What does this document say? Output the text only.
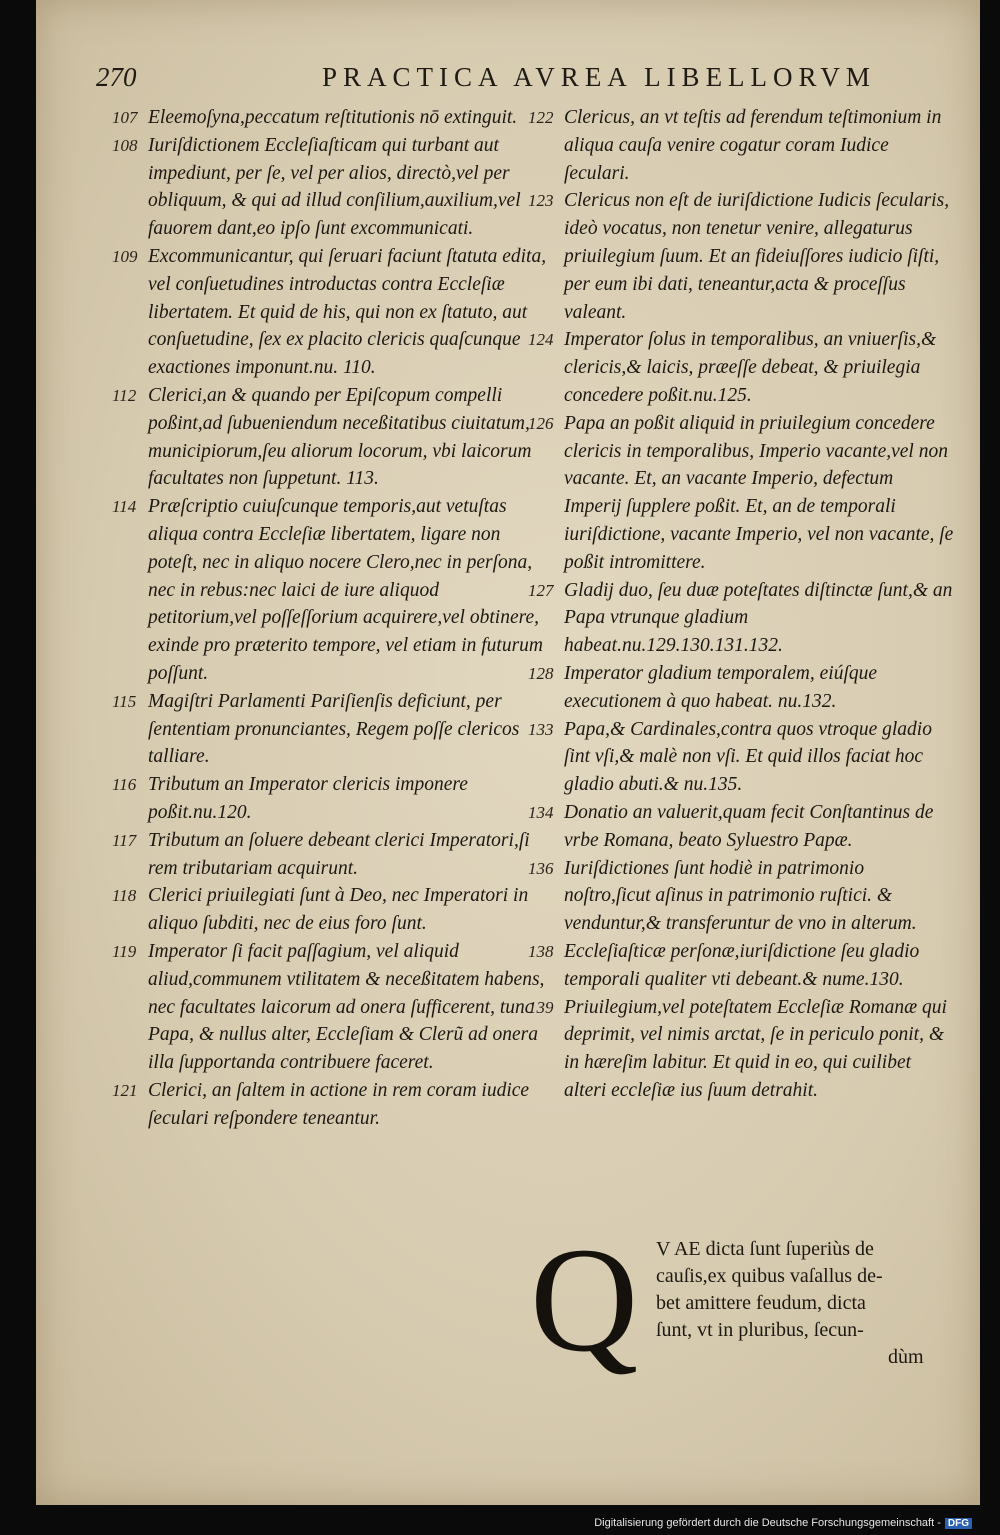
270	PRACTICA AVREA LIBELLORVM
107 Eleemoſyna,peccatum reſtitutionis nō extinguit.
108 Iuriſdictionem Eccleſiaſticam qui turbant aut impediunt, per ſe, vel per alios, directò,vel per obliquum, & qui ad illud conſilium,auxilium,vel fauorem dant,eo ipſo ſunt excommunicati.
109 Excommunicantur, qui ſeruari faciunt ſtatuta edita, vel conſuetudines introductas contra Eccleſiæ libertatem. Et quid de his, qui non ex ſtatuto, aut conſuetudine, ſex ex placito clericis quaſcunque exactiones imponunt.nu. 110.
112 Clerici,an & quando per Epiſcopum compelli poßint,ad ſubueniendum neceßitatibus ciuitatum, municipiorum,ſeu aliorum locorum, vbi laicorum facultates non ſuppetunt. 113.
114 Præſcriptio cuiuſcunque temporis,aut vetuſtas aliqua contra Eccleſiæ libertatem, ligare non poteſt, nec in aliquo nocere Clero,nec in perſona, nec in rebus:nec laici de iure aliquod petitorium,vel poſſeſſorium acquirere,vel obtinere, exinde pro præterito tempore, vel etiam in futurum poſſunt.
115 Magiſtri Parlamenti Pariſienſis deficiunt, per ſententiam pronunciantes, Regem poſſe clericos talliare.
116 Tributum an Imperator clericis imponere poßit.nu.120.
117 Tributum an ſoluere debeant clerici Imperatori,ſi rem tributariam acquirunt.
118 Clerici priuilegiati ſunt à Deo, nec Imperatori in aliquo ſubditi, nec de eius foro ſunt.
119 Imperator ſi facit paſſagium, vel aliquid aliud,communem vtilitatem & neceßitatem habens, nec facultates laicorum ad onera ſufficerent, tunc Papa, & nullus alter, Eccleſiam & Clerũ ad onera illa ſupportanda contribuere faceret.
121 Clerici, an ſaltem in actione in rem coram iudice ſeculari reſpondere teneantur.
122 Clericus, an vt teſtis ad ferendum teſtimonium in aliqua cauſa venire cogatur coram Iudice ſeculari.
123 Clericus non eſt de iuriſdictione Iudicis ſecularis, ideò vocatus, non tenetur venire, allegaturus priuilegium ſuum. Et an fideiuſſores iudicio ſiſti, per eum ibi dati, teneantur,acta & proceſſus valeant.
124 Imperator ſolus in temporalibus, an vniuerſis,& clericis,& laicis, præeſſe debeat, & priuilegia concedere poßit.nu.125.
126 Papa an poßit aliquid in priuilegium concedere clericis in temporalibus, Imperio vacante,vel non vacante. Et, an vacante Imperio, defectum Imperij ſupplere poßit. Et, an de temporali iuriſdictione, vacante Imperio, vel non vacante, ſe poßit intromittere.
127 Gladij duo, ſeu duæ poteſtates diſtinctæ ſunt,& an Papa vtrunque gladium habeat.nu.129.130.131.132.
128 Imperator gladium temporalem, eiúſque executionem à quo habeat. nu.132.
133 Papa,& Cardinales,contra quos vtroque gladio ſint vſi,& malè non vſi. Et quid illos faciat hoc gladio abuti.& nu.135.
134 Donatio an valuerit,quam fecit Conſtantinus de vrbe Romana, beato Syluestro Papæ.
136 Iuriſdictiones ſunt hodiè in patrimonio noſtro,ſicut aſinus in patrimonio ruſtici. & venduntur,& transferuntur de vno in alterum.
138 Eccleſiaſticæ perſonæ,iuriſdictione ſeu gladio temporali qualiter vti debeant.& nume.130.
139 Priuilegium,vel poteſtatem Eccleſiæ Romanæ qui deprimit, vel nimis arctat, ſe in periculo ponit, & in hæreſim labitur. Et quid in eo, qui cuilibet alteri eccleſiæ ius ſuum detrahit.
Q V AE dicta ſunt ſuperiùs de
cauſis,ex quibus vaſallus de-
bet amittere feudum, dicta
ſunt, vt in pluribus, ſecun-
dùm
Digitalisierung gefördert durch die Deutsche Forschungsgemeinschaft - DFG
